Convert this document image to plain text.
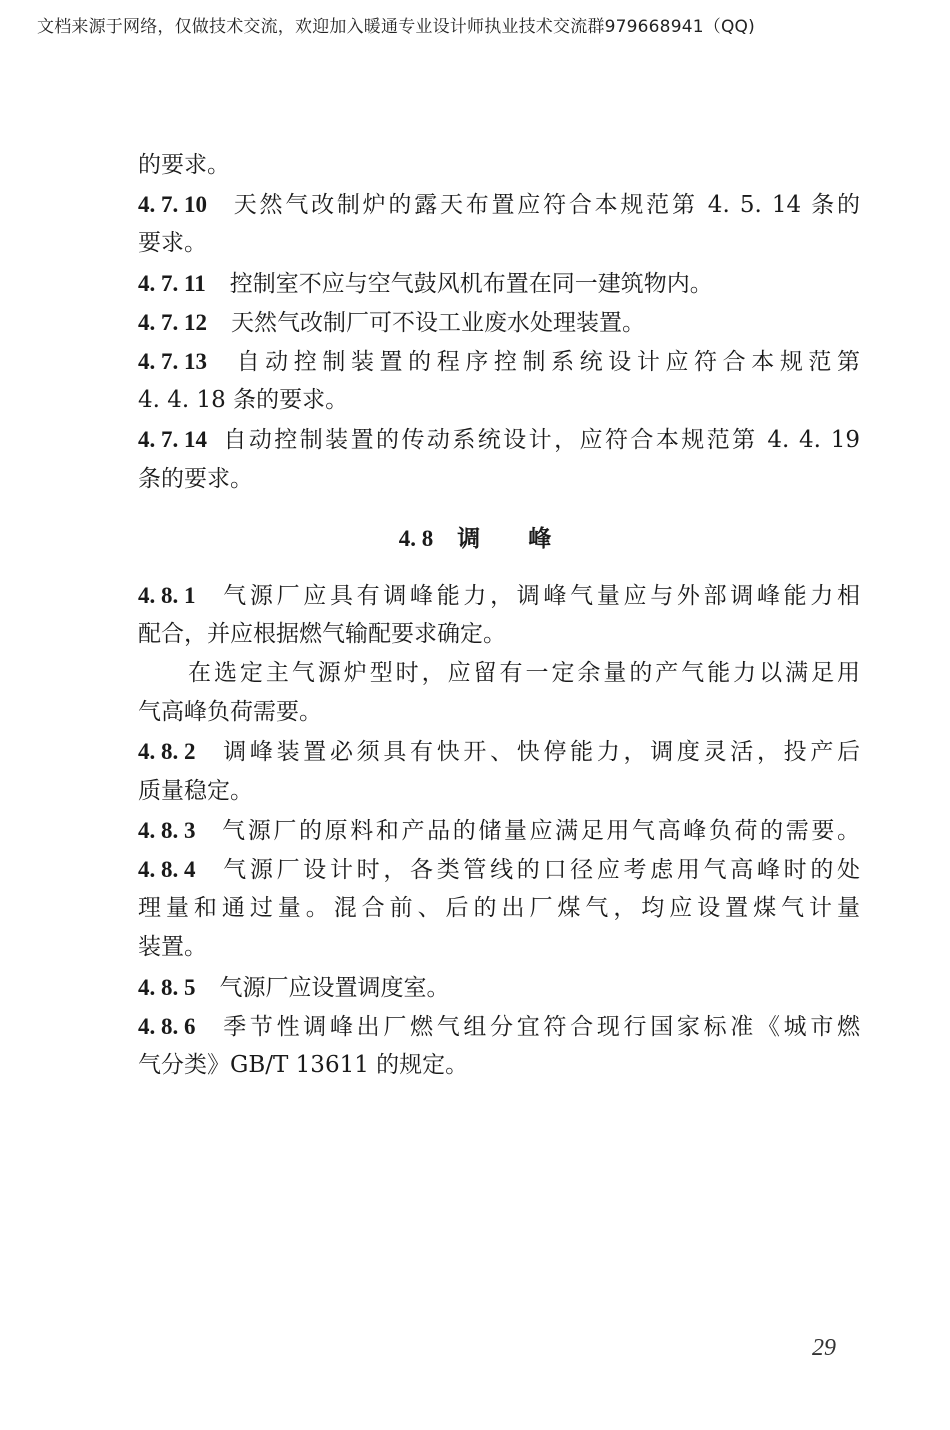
文档来源于网络，仅做技术交流，欢迎加入暖通专业设计师执业技术交流群979668941（QQ)
的要求。
4. 7. 10 天然气改制炉的露天布置应符合本规范第 4. 5. 14 条的
要求。
4. 7. 11 控制室不应与空气鼓风机布置在同一建筑物内。
4. 7. 12 天然气改制厂可不设工业废水处理装置。
4. 7. 13 自动控制装置的程序控制系统设计应符合本规范第
4. 4. 18 条的要求。
4. 7. 14 自动控制装置的传动系统设计，应符合本规范第 4. 4. 19
条的要求。
4. 8 调峰
4. 8. 1 气源厂应具有调峰能力，调峰气量应与外部调峰能力相
配合，并应根据燃气输配要求确定。
在选定主气源炉型时，应留有一定余量的产气能力以满足用
气高峰负荷需要。
4. 8. 2 调峰装置必须具有快开、快停能力，调度灵活，投产后
质量稳定。
4. 8. 3 气源厂的原料和产品的储量应满足用气高峰负荷的需要。
4. 8. 4 气源厂设计时，各类管线的口径应考虑用气高峰时的处
理量和通过量。混合前、后的出厂煤气，均应设置煤气计量
装置。
4. 8. 5 气源厂应设置调度室。
4. 8. 6 季节性调峰出厂燃气组分宜符合现行国家标准《城市燃
气分类》GB/T 13611 的规定。
29
